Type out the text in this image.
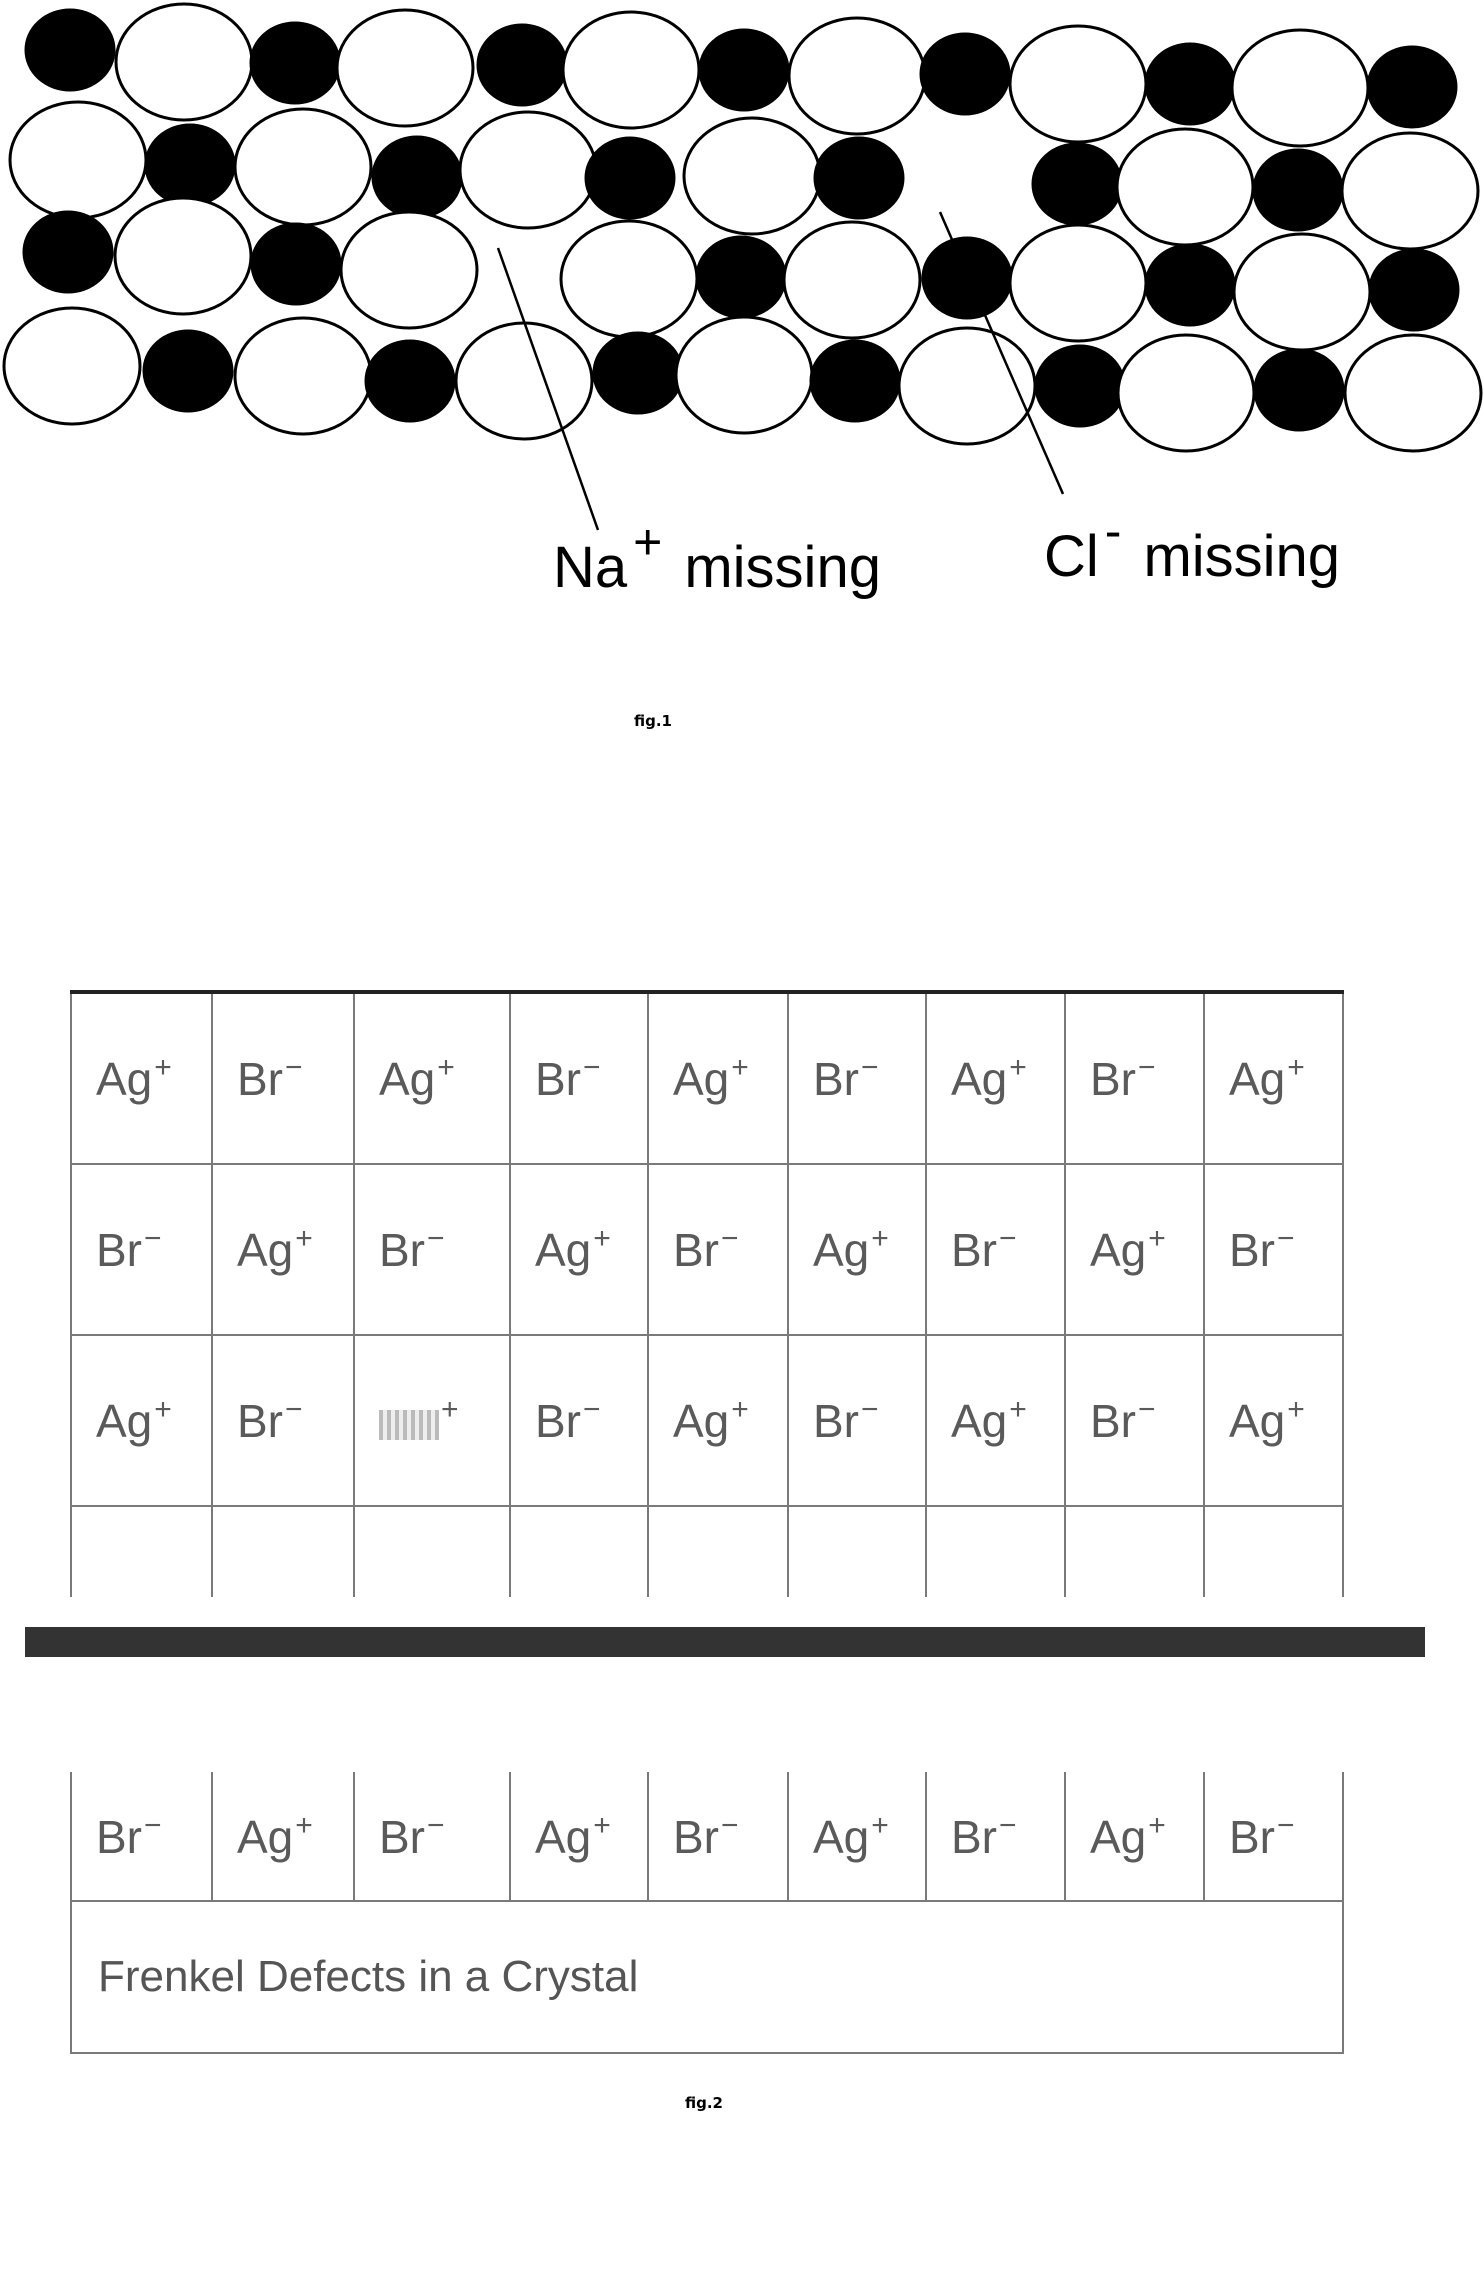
Na + missing	Cl - missing
fig.1
Ag+	Br−	Ag+	Br−	Ag+	Br−	Ag+	Br−	Ag+
Br−	Ag+	Br−	Ag+	Br−	Ag+	Br−	Ag+	Br−
Ag+	Br−	+	Br−	Ag+	Br−	Ag+	Br−	Ag+

Br−	Ag+	Br−	Ag+	Br−	Ag+	Br−	Ag+	Br−
Frenkel Defects in a Crystal
fig.2
